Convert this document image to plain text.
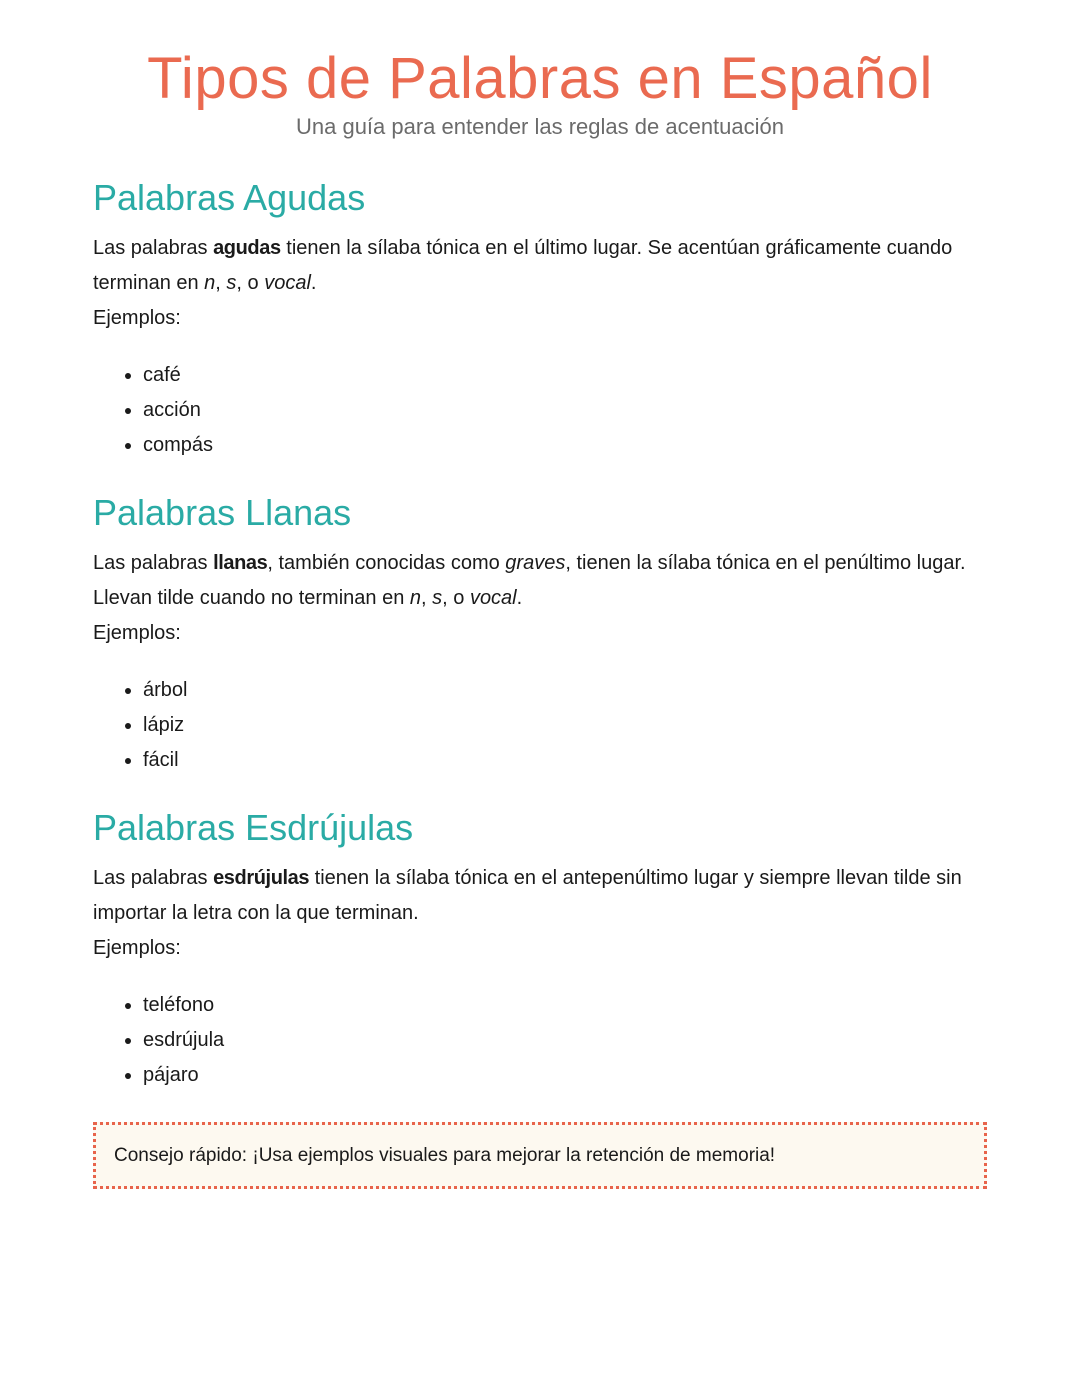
Tipos de Palabras en Español

Una guía para entender las reglas de acentuación

Palabras Agudas

Las palabras agudas tienen la sílaba tónica en el último lugar. Se acentúan gráficamente cuando terminan en n, s, o vocal.

Ejemplos:

• café
• acción
• compás
Palabras Llanas

Las palabras llanas, también conocidas como graves, tienen la sílaba tónica en el penúltimo lugar. Llevan tilde cuando no terminan en n, s, o vocal.

Ejemplos:

• árbol
• lápiz
• fácil
Palabras Esdrújulas

Las palabras esdrújulas tienen la sílaba tónica en el antepenúltimo lugar y siempre llevan tilde sin importar la letra con la que terminan.

Ejemplos:

• teléfono
• esdrújula
• pájaro
Consejo rápido: ¡Usa ejemplos visuales para mejorar la retención de memoria!
